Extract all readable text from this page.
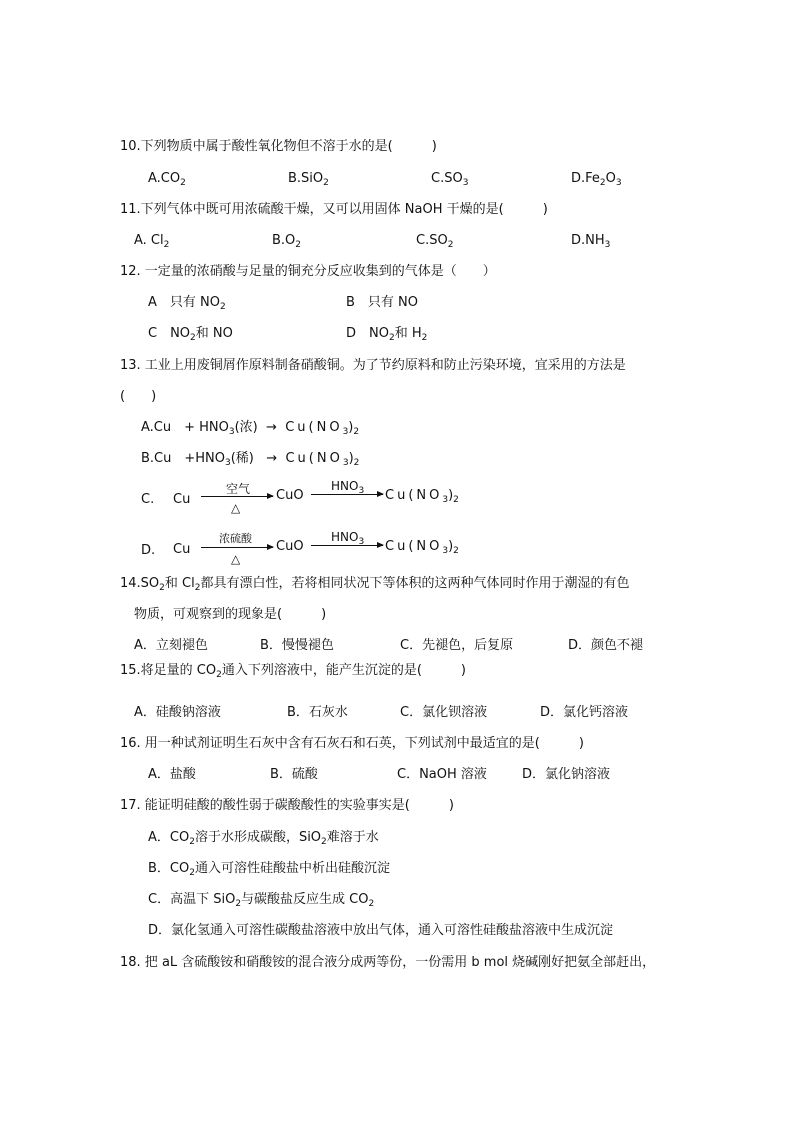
10.下列物质中属于酸性氧化物但不溶于水的是(　　　)
$A.CO_2$	B.SiO$_2$	$C.SO_3$	$D.Fe_2O_3$
11.下列气体中既可用浓硫酸干燥，又可以用固体 NaOH 干燥的是(　　　)
A. $Cl_2$	$B.O_2$	$C.SO_2$	$D.NH_3$
12. 一定量的浓硝酸与足量的铜充分反应收集到的气体是（　　）
A　只有 $NO_2$	B　只有 NO
C　$NO_2$和 NO	D　$NO_2$和 $H_2$
13. 工业上用废铜屑作原料制备硝酸铜。为了节约原料和防止污染环境，宜采用的方法是
(　　)
A.Cu　+ $HNO_3$(浓) → $Cu(NO_3)_2$
B.Cu　$+HNO_3$(稀) → $Cu(NO_3)_2$
C. Cu
空气
△
CuO
$HNO_3$ $Cu(NO_3)_2$
D. Cu
浓硫酸
△
CuO
$HNO_3$ $Cu(NO_3)_2$
$14.SO_2$和 $Cl_2$都具有漂白性，若将相同状况下等体积的这两种气体同时作用于潮湿的有色
物质，可观察到的现象是(　　　)
A．立刻褪色	B．慢慢褪色	C．先褪色，后复原	D．颜色不褪
15.将足量的 $CO_2$通入下列溶液中，能产生沉淀的是(　　　)
A．硅酸钠溶液	B．石灰水	C．氯化钡溶液	D．氯化钙溶液
16. 用一种试剂证明生石灰中含有石灰石和石英，下列试剂中最适宜的是(　　　)
A．盐酸	B．硫酸	C．NaOH 溶液	D．氯化钠溶液
17. 能证明硅酸的酸性弱于碳酸酸性的实验事实是(　　　)
A．$CO_2$溶于水形成碳酸，SiO$_2$难溶于水
B．$CO_2$通入可溶性硅酸盐中析出硅酸沉淀
C．高温下 SiO$_2$与碳酸盐反应生成 $CO_2$
D．氯化氢通入可溶性碳酸盐溶液中放出气体，通入可溶性硅酸盐溶液中生成沉淀
18. 把 aL 含硫酸铵和硝酸铵的混合液分成两等份，一份需用 b mol 烧碱刚好把氨全部赶出，
